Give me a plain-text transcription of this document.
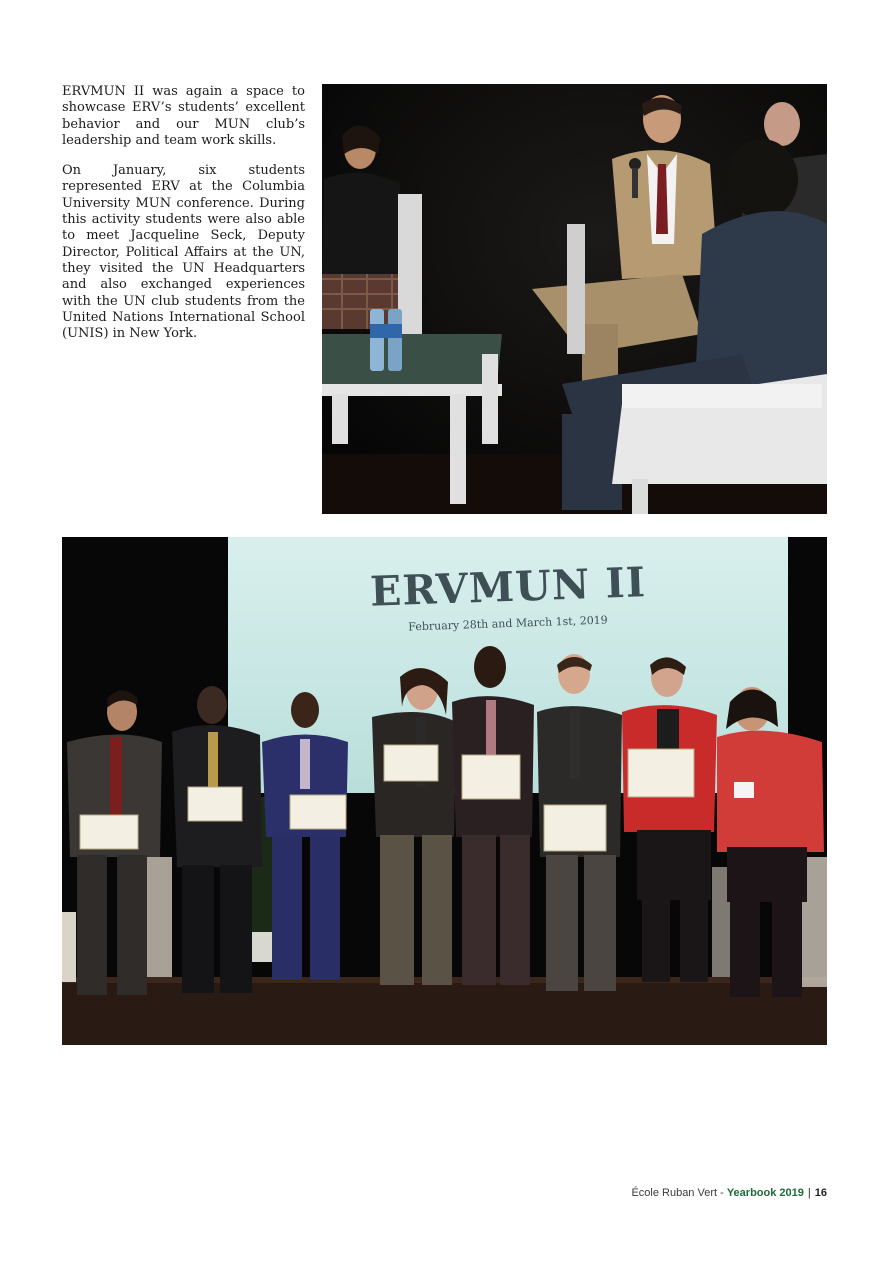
ERVMUN II was again a space to showcase ERV’s students’ excellent behavior and our MUN club’s leadership and team work skills.

On January, six students represented ERV at the Columbia University MUN conference. During this activity students were also able to meet Jacqueline Seck, Deputy Director, Political Affairs at the UN, they visited the UN Headquarters and also exchanged experiences with the UN club students from the United Nations International School (UNIS) in New York.

ERVMUN II
February 28th and March 1st, 2019
École Ruban Vert - Yearbook 2019 | 16
